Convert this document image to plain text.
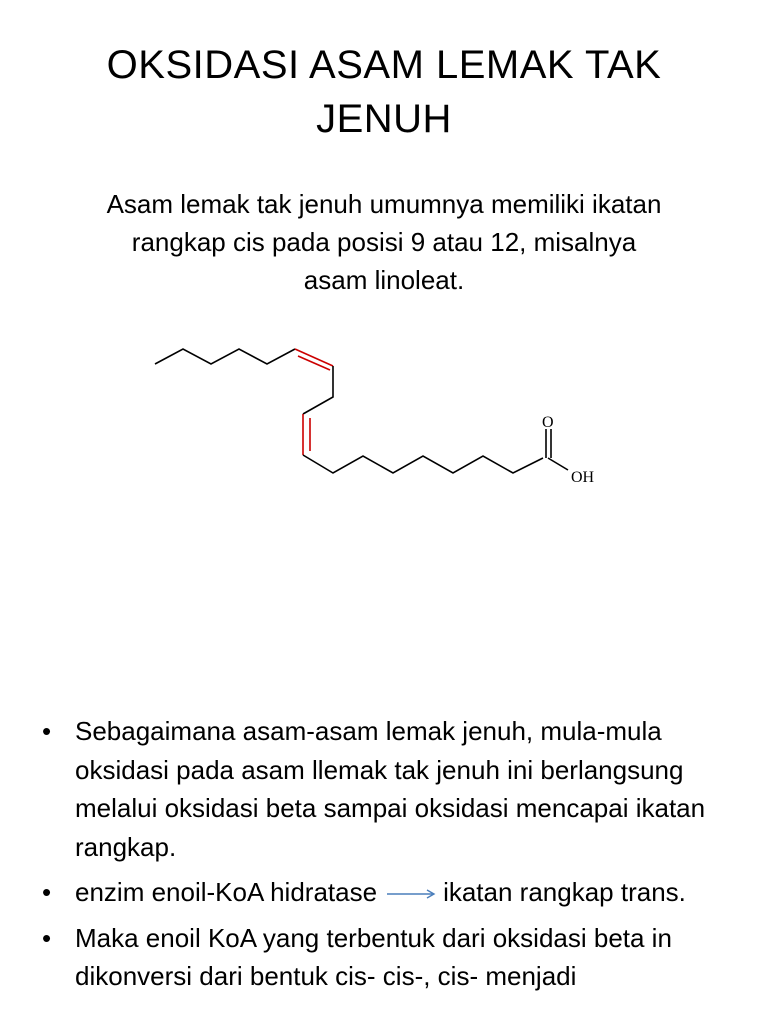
OKSIDASI ASAM LEMAK TAK JENUH
Asam lemak tak jenuh umumnya memiliki ikatan rangkap cis pada posisi 9 atau 12, misalnya asam linoleat.
O
OH
• Sebagaimana asam-asam lemak jenuh, mula-mula oksidasi pada asam llemak tak jenuh ini berlangsung melalui oksidasi beta sampai oksidasi mencapai ikatan rangkap.
• enzim enoil-KoA hidratase	ikatan rangkap trans.
• Maka enoil KoA yang terbentuk dari oksidasi beta in dikonversi dari bentuk cis- cis-, cis- menjadi
